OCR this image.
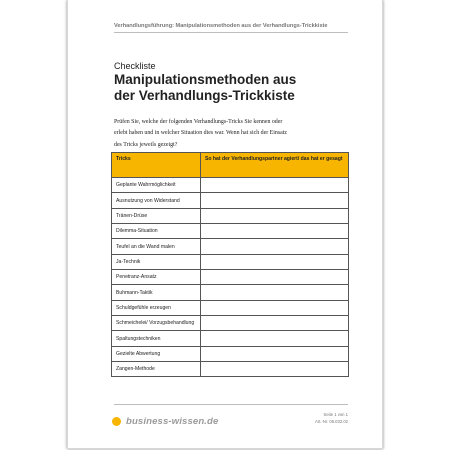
Verhandlungsführung: Manipulationsmethoden aus der Verhandlungs-Trickkiste
Checkliste
Manipulationsmethoden aus
der Verhandlungs-Trickkiste
Prüfen Sie, welche der folgenden Verhandlungs-Tricks Sie kennen oder
erlebt haben und in welcher Situation dies war. Wenn hat sich der Einsatz
des Tricks jeweils gezeigt?
Tricks	So hat der Verhandlungspartner agiert/ das hat er gesagt
Geplante Wahrmöglichkeit	
Ausnutzung von Widerstand	
Tränen-Drüse	
Dilemma-Situation	
Teufel an die Wand malen	
Ja-Technik	
Penetranz-Ansatz	
Buhmann-Taktik	
Schuldgefühle erzeugen	
Schmeichelei/ Vorzugsbehandlung	
Spaltungstechniken	
Gezielte Abwertung	
Zangen-Methode	
business-wissen.de
Seite 1 von 1
Art.-Nr. 06.032.02
